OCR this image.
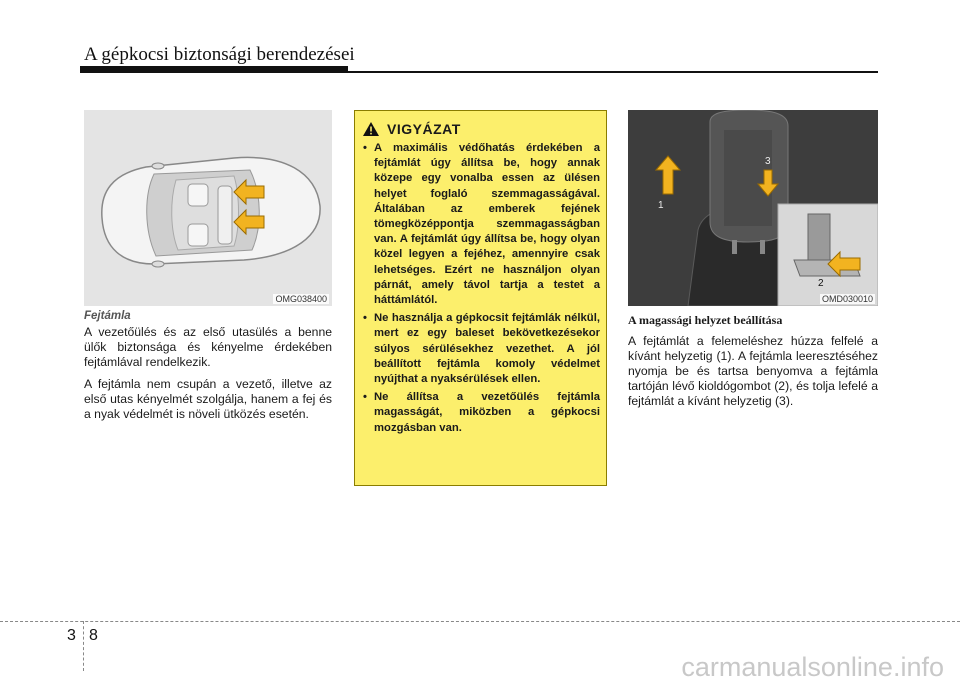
A gépkocsi biztonsági berendezései
OMG038400
Fejtámla

A vezetőülés és az első utasülés a benne ülők biztonsága és kényelme érdekében fejtámlával rendelkezik.

A fejtámla nem csupán a vezető, illetve az első utas kényelmét szolgálja, hanem a fej és a nyak védelmét is növeli ütközés esetén.

VIGYÁZAT
• A maximális védőhatás érdekében a fejtámlát úgy állítsa be, hogy annak közepe egy vonalba essen az ülésen helyet foglaló szemmagasságával. Általában az emberek fejének tömegközéppontja szemmagasságban van. A fejtámlát úgy állítsa be, hogy olyan közel legyen a fejéhez, amennyire csak lehetséges. Ezért ne használjon olyan párnát, amely távol tartja a testet a háttámlától.
• Ne használja a gépkocsit fejtámlák nélkül, mert ez egy baleset bekövetkezésekor súlyos sérülésekhez vezethet. A jól beállított fejtámla komoly védelmet nyújthat a nyaksérülések ellen.
• Ne állítsa a vezetőülés fejtámla magasságát, miközben a gépkocsi mozgásban van.
1
2
3
OMD030010
A magassági helyzet beállítása

A fejtámlát a felemeléshez húzza felfelé a kívánt helyzetig (1). A fejtámla leeresztéséhez nyomja be és tartsa benyomva a fejtámla tartóján lévő kioldógombot (2), és tolja lefelé a fejtámlát a kívánt helyzetig (3).

3 8
carmanualsonline.info
